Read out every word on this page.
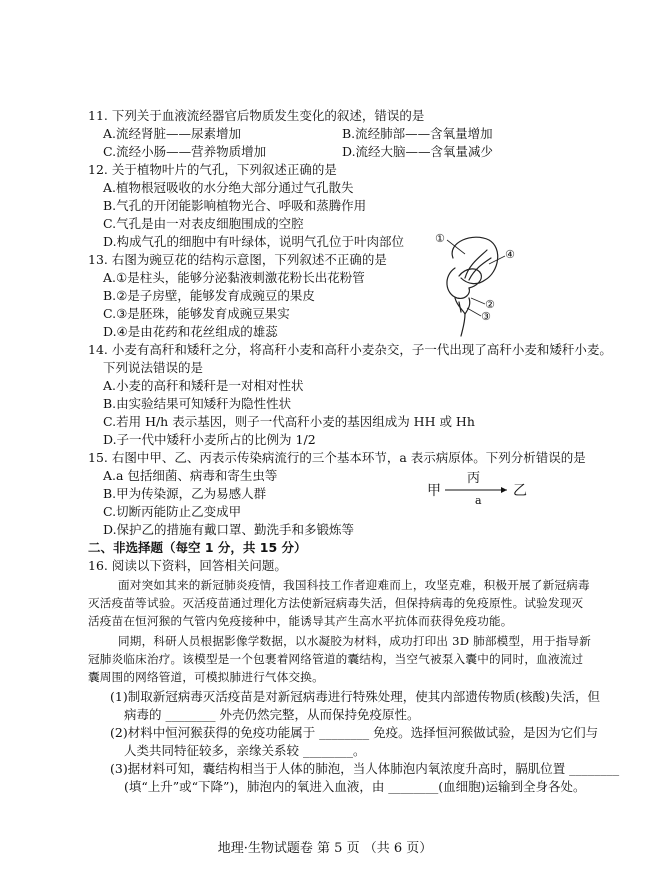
11. 下列关于血液流经器官后物质发生变化的叙述，错误的是
A.流经肾脏——尿素增加	B.流经肺部——含氧量增加
C.流经小肠——营养物质增加	D.流经大脑——含氧量减少
12. 关于植物叶片的气孔，下列叙述正确的是
A.植物根冠吸收的水分绝大部分通过气孔散失
B.气孔的开闭能影响植物光合、呼吸和蒸腾作用
C.气孔是由一对表皮细胞围成的空腔
D.构成气孔的细胞中有叶绿体，说明气孔位于叶肉部位
13. 右图为豌豆花的结构示意图，下列叙述不正确的是
A.①是柱头，能够分泌黏液刺激花粉长出花粉管
B.②是子房壁，能够发育成豌豆的果皮
C.③是胚珠，能够发育成豌豆果实
D.④是由花药和花丝组成的雄蕊
①
④
②
③
14. 小麦有高秆和矮秆之分，将高秆小麦和高秆小麦杂交，子一代出现了高秆小麦和矮秆小麦。
下列说法错误的是
A.小麦的高秆和矮秆是一对相对性状
B.由实验结果可知矮秆为隐性性状
C.若用 H/h 表示基因，则子一代高秆小麦的基因组成为 HH 或 Hh
D.子一代中矮秆小麦所占的比例为 1/2
15. 右图中甲、乙、丙表示传染病流行的三个基本环节，a 表示病原体。下列分析错误的是
A.a 包括细菌、病毒和寄生虫等
B.甲为传染源，乙为易感人群
C.切断丙能防止乙变成甲
D.保护乙的措施有戴口罩、勤洗手和多锻炼等
甲
丙
a
乙
二、非选择题（每空 1 分，共 15 分）
16. 阅读以下资料，回答相关问题。
面对突如其来的新冠肺炎疫情，我国科技工作者迎难而上，攻坚克难，积极开展了新冠病毒
灭活疫苗等试验。灭活疫苗通过理化方法使新冠病毒失活，但保持病毒的免疫原性。试验发现灭
活疫苗在恒河猴的气管内免疫接种中，能诱导其产生高水平抗体而获得免疫功能。
同期，科研人员根据影像学数据，以水凝胶为材料，成功打印出 3D 肺部模型，用于指导新
冠肺炎临床治疗。该模型是一个包裹着网络管道的囊结构，当空气被泵入囊中的同时，血液流过
囊周围的网络管道，可模拟肺进行气体交换。
(1)制取新冠病毒灭活疫苗是对新冠病毒进行特殊处理，使其内部遗传物质(核酸)失活，但
病毒的 ________ 外壳仍然完整，从而保持免疫原性。
(2)材料中恒河猴获得的免疫功能属于 ________ 免疫。选择恒河猴做试验，是因为它们与
人类共同特征较多，亲缘关系较 ________。
(3)据材料可知，囊结构相当于人体的肺泡，当人体肺泡内氧浓度升高时，膈肌位置 ________
(填“上升”或“下降”)，肺泡内的氧进入血液，由 ________(血细胞)运输到全身各处。
地理·生物试题卷 第 5 页 （共 6 页）
